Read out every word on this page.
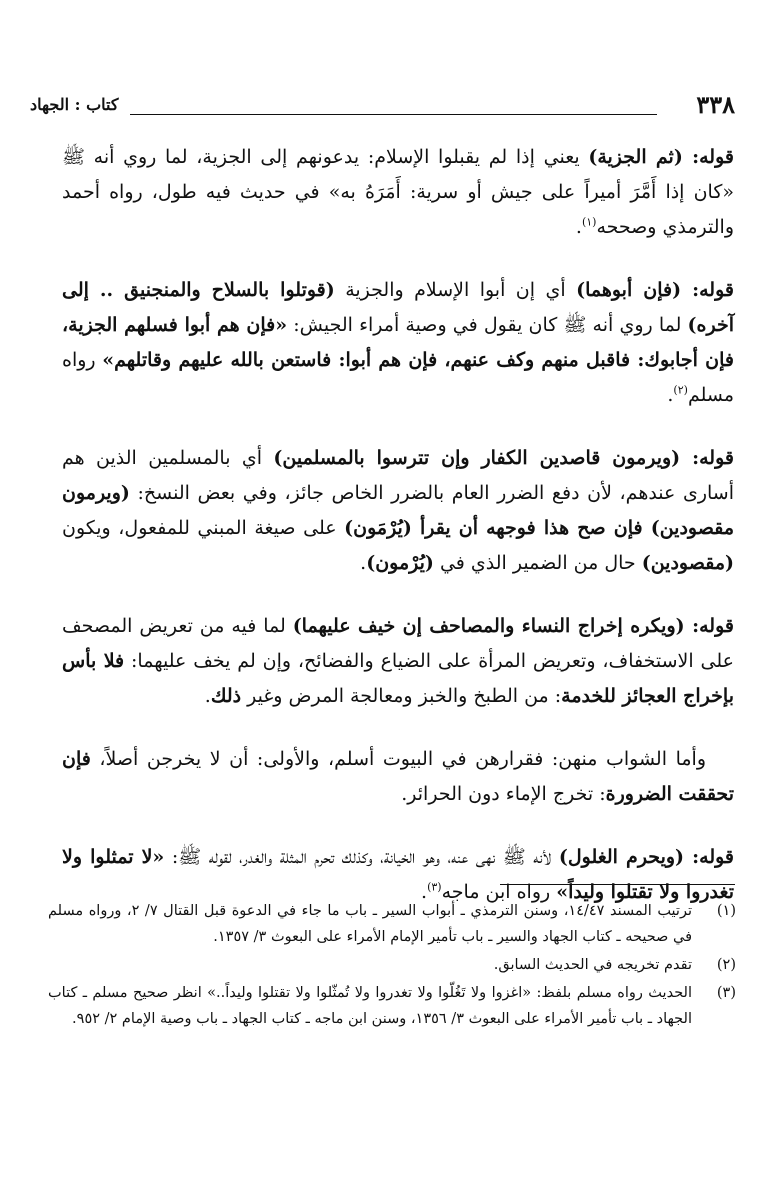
٣٣٨
كتاب : الجهاد

قوله: (ثم الجزية) يعني إذا لم يقبلوا الإسلام: يدعونهم إلى الجزية، لما روي أنه ﷺ «كان إذا أَمَّرَ أميراً على جيش أو سرية: أَمَرَهُ به» في حديث فيه طول، رواه أحمد والترمذي وصححه$^{(١)}$.

قوله: (فإن أبوهما) أي إن أبوا الإسلام والجزية (قوتلوا بالسلاح والمنجنيق .. إلى آخره) لما روي أنه ﷺ كان يقول في وصية أمراء الجيش: «فإن هم أبوا فسلهم الجزية، فإن أجابوك: فاقبل منهم وكف عنهم، فإن هم أبوا: فاستعن بالله عليهم وقاتلهم» رواه مسلم$^{(٢)}$.

قوله: (ويرمون قاصدين الكفار وإن تترسوا بالمسلمين) أي بالمسلمين الذين هم أسارى عندهم، لأن دفع الضرر العام بالضرر الخاص جائز، وفي بعض النسخ: (ويرمون مقصودين) فإن صح هذا فوجهه أن يقرأ (يُرْمَون) على صيغة المبني للمفعول، ويكون (مقصودين) حال من الضمير الذي في (يُرْمون).

قوله: (ويكره إخراج النساء والمصاحف إن خيف عليهما) لما فيه من تعريض المصحف على الاستخفاف، وتعريض المرأة على الضياع والفضائح، وإن لم يخف عليهما: فلا بأس بإخراج العجائز للخدمة: من الطبخ والخبز ومعالجة المرض وغير ذلك.

وأما الشواب منهن: فقرارهن في البيوت أسلم، والأولى: أن لا يخرجن أصلاً، فإن تحققت الضرورة: تخرج الإماء دون الحرائر.

قوله: (ويحرم الغلول) لأنه ﷺ نهى عنه، وهو الخيانة، وكذلك تحرم المثلة والغدر، لقوله ﷺ: «لا تمثلوا ولا تغدروا ولا تقتلوا وليداً» رواه ابن ماجه$^{(٣)}$.

(١)
ترتيب المسند ١٤/٤٧، وسنن الترمذي ـ أبواب السير ـ باب ما جاء في الدعوة قبل القتال ٧/ ٢، ورواه مسلم في صحيحه ـ كتاب الجهاد والسير ـ باب تأمير الإمام الأمراء على البعوث ٣/ ١٣٥٧.
(٢)
تقدم تخريجه في الحديث السابق.
(٣)
الحديث رواه مسلم بلفظ: «اغزوا ولا تَغُلّوا ولا تغدروا ولا تُمثّلوا ولا تقتلوا وليداً..» انظر صحيح مسلم ـ كتاب الجهاد ـ باب تأمير الأمراء على البعوث ٣/ ١٣٥٦، وسنن ابن ماجه ـ كتاب الجهاد ـ باب وصية الإمام ٢/ ٩٥٢.
